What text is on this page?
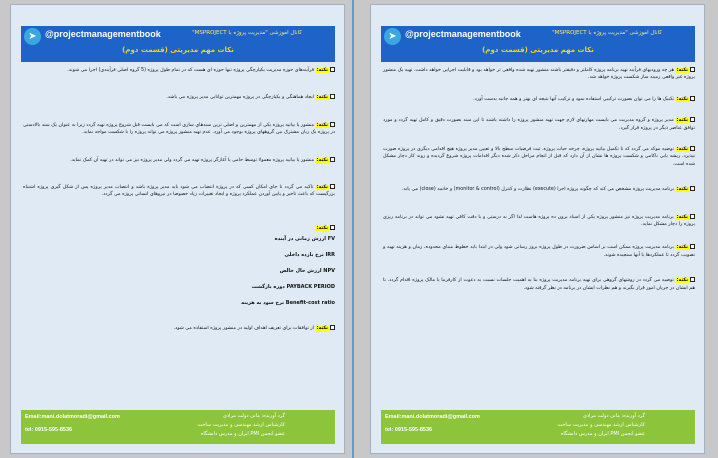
➤ @projectmanagementbook	کانال آموزشی "مدیریت پروژه با MSPROJECT"
نکات مهم مدیریتی (قسمت دوم)

نکته: هر چه ورودیهای فرآیند تهیه برنامه پروژه کاملتر و دقیقتر باشند منشور تهیه شده واقعی تر خواهد بود و قابلیت اجرایی خواهد داشت. تهیه یک منشور پروژه غیر واقعی زمینه ساز شکست پروژه خواهد شد.

نکته: تکنیک ها را می توان بصورت ترکیبی استفاده نمود و ترکیب آنها نتیجه ای بهتر و همه جانبه بدست آورد.

نکته: مدیر پروژه و گروه مدیریت می بایست مهارتهای لازم جهت تهیه منشور پروژه را داشته باشند تا این سند بصورت دقیق و کامل تهیه گردد و مورد توافق عناصر ذیگر در پروژه قرار گیرد.

نکته: توصیه موکد می گردد که تا تکمیل بیانیه پروژه، چرخه حیات پروژه، ثبت فرضیات سطح بالا و تعیین مدیر پروژه هیچ اقدامی دیگری در پروژه صورت نپذیرد. ریشه یابی ناکامی و شکست پروژه ها نشان از آن دارد که قبل از انجام مراحل ذکر شده دیگر اقدامات پروژه شروع گردیده و روند کار دچار مشکل شده است.

نکته: برنامه مدیریت پروژه مشخص می کند که چگونه پروژه اجرا (execute) نظارت و کنترل (monitor & control) و خاتمه (close) می یابد.

نکته: برنامه مدیریت پروژه نیز منشور پروژه یکی از اسناد برون ده پروژه هاست لذا اگر به درستی و با دقت کافی تهیه نشود می تواند در برنامه ریزی پروژه را دچار مشکل نماید.

نکته: برنامه مدیریت پروژه ممکن است بر اساس ضرورت در طول پروژه بروز رسانی شود ولی در ابتدا باید خطوط مبنای محدوده، زمان و هزینه تهیه و تصویب گردد تا عملکردها با آنها سنجیده شوند.

نکته: توصیه می گردد در روشهای گروهی برای تهیه برنامه مدیریت پروژه بنا به اهمیت جلسات نسبت به دعوت از کارفرما یا مالک پروژه اقدام گردد. تا هم ایشان در جریان امور قرار بگیرند و هم نظرات ایشان در برنامه در نظر گرفته شود.

Email:mani.dolatmoradi@gmail.com
tel: 0915-595-8536
گرد آورنده: مانی دولت مرادی
کارشناس ارشد مهندسی و مدیریت ساخت
عضو انجمن PMI ایران و مدرس دانشگاه
➤ @projectmanagementbook	کانال آموزشی "مدیریت پروژه با MSPROJECT"
نکات مهم مدیریتی (قسمت دوم)

نکته: فرآیندهای حوزه مدیریت یکپارچگی پروژه تنها حوزه ای هست که در تمام طول پروژه (5 گروه اصلی فرآیندی) اجرا می شوند.

نکته: ایجاد هماهنگی و یکپارچگی در پروژه مهمترین توانایی مدیر پروژه می باشد.

نکته: منشور یا بیانیه پروژه یکی از مهمترین و اصلی ترین سندهای سازی است که می بایست قبل شروع پروژه تهیه گردد زیرا به عنوان یک سند بالادستی در پروژه یک زبان مشترک بین گروههای پروژه بوجود می آورد. عدم تهیه منشور پروژه می تواند پروژه را با شکست مواجه نماید.

نکته: منشور یا بیانیه پروژه معمولا توسط حامی یا آغازگر پروژه تهیه می گردد ولی مدیر پروژه نیز می تواند در تهیه آن کمک نماید.

نکته: تاکید می گردد تا جای امکان کسی که در پروژه انتصاب می شود باید مدیر پروژه باشد و انتصاب مدیر پروژه پس از شکل گیری پروژه اشتباه بزرگیست که باعث تاخیر و پایین آوردن عملکرد پروژه و ایجاد تغییرات زیاد خصوصا در نیروهای انسانی پروژه می گردد.

نکته:

FV ارزش زمانی در آینده

IRR نرخ بازده داخلی

NPV ارزش حال خالص

PAYBACK PERIOD دوره بازگشت

Benefit-cost ratio نرخ سود به هزینه

نکته: از توافقات برای تعریف اهداف اولیه در منشور پروژه استفاده می شود.

Email:mani.dolatmoradi@gmail.com
tel: 0915-595-8536
گرد آورنده: مانی دولت مرادی
کارشناس ارشد مهندسی و مدیریت ساخت
عضو انجمن PMI ایران و مدرس دانشگاه
